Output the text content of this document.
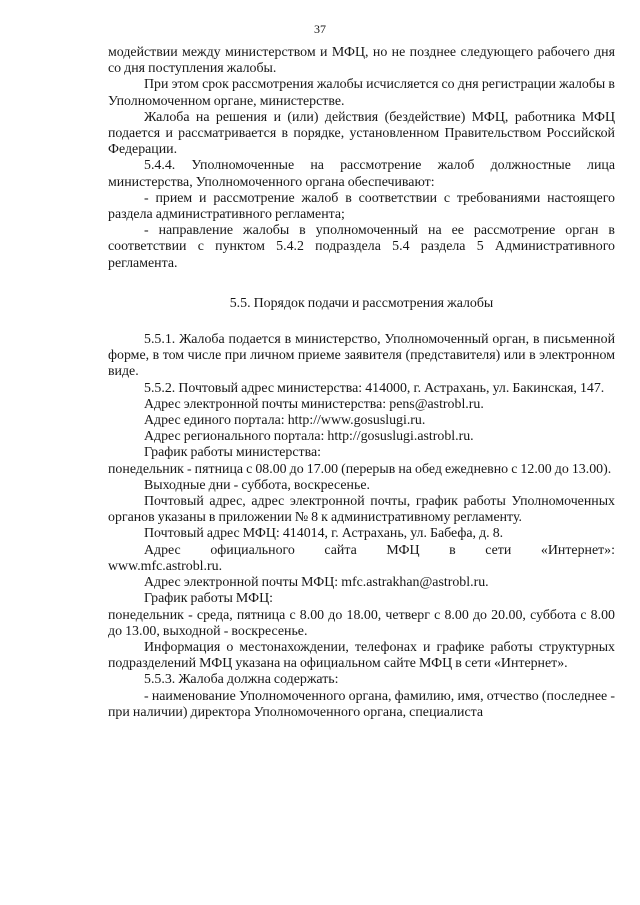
37

модействии между министерством и МФЦ, но не позднее следующего рабочего дня со дня поступления жалобы.

При этом срок рассмотрения жалобы исчисляется со дня регистрации жалобы в Уполномоченном органе, министерстве.

Жалоба на решения и (или) действия (бездействие) МФЦ, работника МФЦ подается и рассматривается в порядке, установленном Правительством Российской Федерации.

5.4.4. Уполномоченные на рассмотрение жалоб должностные лица министерства, Уполномоченного органа обеспечивают:

- прием и рассмотрение жалоб в соответствии с требованиями настоящего раздела административного регламента;

- направление жалобы в уполномоченный на ее рассмотрение орган в соответствии с пунктом 5.4.2 подраздела 5.4 раздела 5 Административного регламента.

5.5. Порядок подачи и рассмотрения жалобы

5.5.1. Жалоба подается в министерство, Уполномоченный орган, в письменной форме, в том числе при личном приеме заявителя (представителя) или в электронном виде.

5.5.2. Почтовый адрес министерства: 414000, г. Астрахань, ул. Бакинская, 147.

Адрес электронной почты министерства: pens@astrobl.ru.

Адрес единого портала: http://www.gosuslugi.ru.

Адрес регионального портала: http://gosuslugi.astrobl.ru.

График работы министерства:

понедельник - пятница с 08.00 до 17.00 (перерыв на обед ежедневно с 12.00 до 13.00).

Выходные дни - суббота, воскресенье.

Почтовый адрес, адрес электронной почты, график работы Уполномоченных органов указаны в приложении № 8 к административному регламенту.

Почтовый адрес МФЦ: 414014, г. Астрахань, ул. Бабефа, д. 8.

Адрес официального сайта МФЦ в сети «Интернет»: www.mfc.astrobl.ru.

Адрес электронной почты МФЦ: mfc.astrakhan@astrobl.ru.

График работы МФЦ:

понедельник - среда, пятница с 8.00 до 18.00, четверг с 8.00 до 20.00, суббота с 8.00 до 13.00, выходной - воскресенье.

Информация о местонахождении, телефонах и графике работы структурных подразделений МФЦ указана на официальном сайте МФЦ в сети «Интернет».

5.5.3. Жалоба должна содержать:

- наименование Уполномоченного органа, фамилию, имя, отчество (последнее - при наличии) директора Уполномоченного органа, специалиста
